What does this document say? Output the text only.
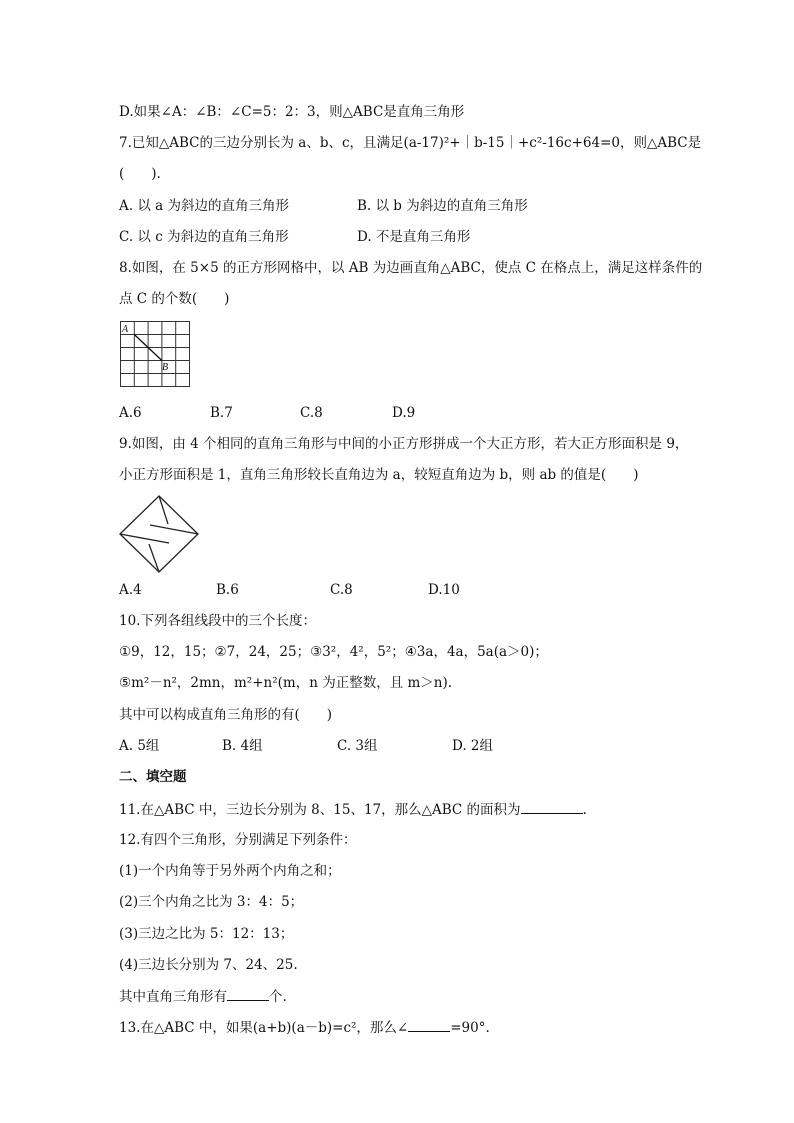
D.如果∠A：∠B：∠C=5：2：3，则△ABC是直角三角形
7.已知△ABC的三边分别长为 a、b、c，且满足(a-17)²+｜b-15｜+c²-16c+64=0，则△ABC是
(　　).
A. 以 a 为斜边的直角三角形	B. 以 b 为斜边的直角三角形
C. 以 c 为斜边的直角三角形	D. 不是直角三角形
8.如图，在 5×5 的正方形网格中，以 AB 为边画直角△ABC，使点 C 在格点上，满足这样条件的
点 C 的个数(　　)
A
B
A.6	B.7	C.8	D.9
9.如图，由 4 个相同的直角三角形与中间的小正方形拼成一个大正方形，若大正方形面积是 9，
小正方形面积是 1，直角三角形较长直角边为 a，较短直角边为 b，则 ab 的值是(　　)
A.4	B.6	C.8	D.10
10.下列各组线段中的三个长度：
①9，12，15；②7，24，25；③3²，4²，5²；④3a，4a，5a(a＞0)；
⑤m²－n²，2mn，m²+n²(m，n 为正整数，且 m＞n).
其中可以构成直角三角形的有(　　)
A. 5组	B. 4组	C. 3组	D. 2组
二、填空题
11.在△ABC 中，三边长分别为 8、15、17，那么△ABC 的面积为	.
12.有四个三角形，分别满足下列条件：
(1)一个内角等于另外两个内角之和；
(2)三个内角之比为 3：4：5；
(3)三边之比为 5：12：13；
(4)三边长分别为 7、24、25.
其中直角三角形有	个.
13.在△ABC 中，如果(a+b)(a－b)=c²，那么∠	=90°.
